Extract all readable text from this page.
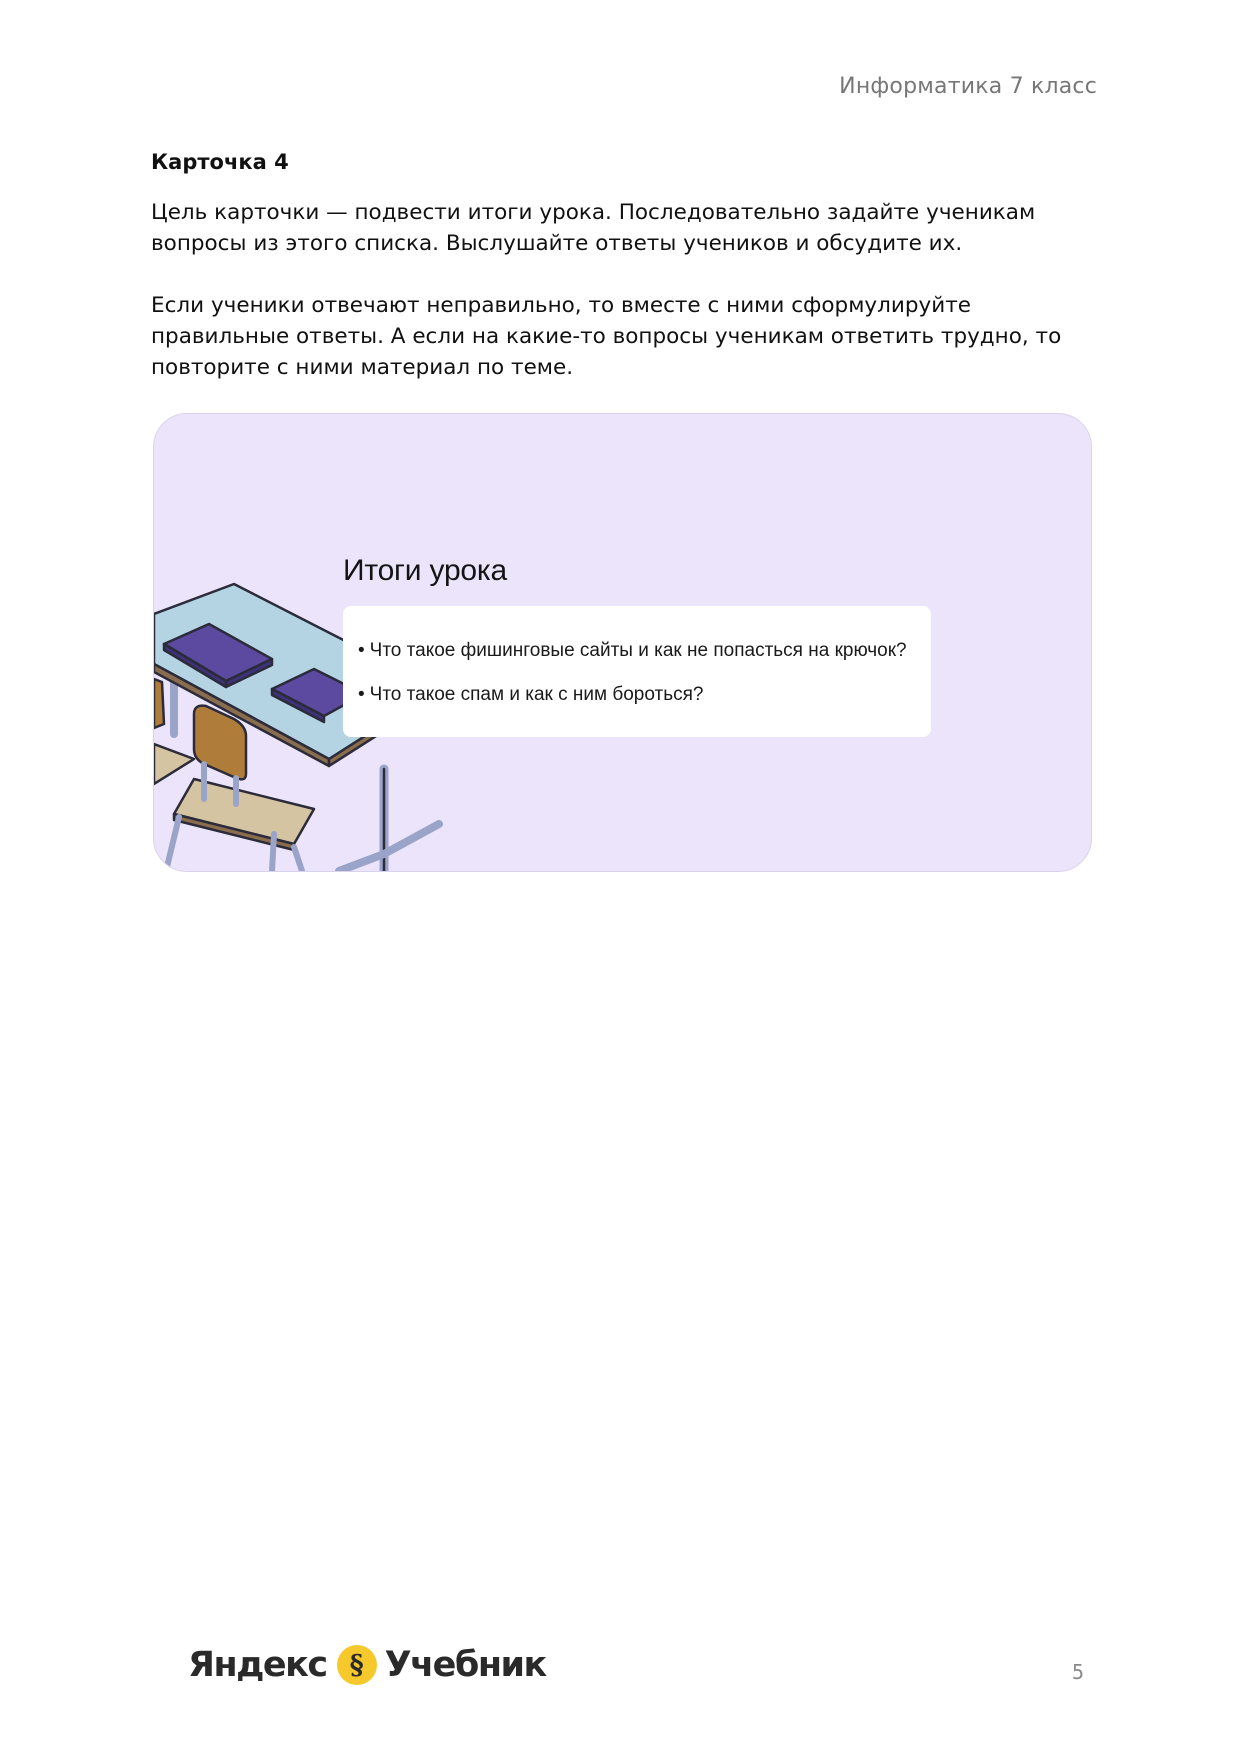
Информатика 7 класс
Карточка 4

Цель карточки — подвести итоги урока. Последовательно задайте ученикам вопросы из этого списка. Выслушайте ответы учеников и обсудите их.

Если ученики отвечают неправильно, то вместе с ними сформулируйте правильные ответы. А если на какие-то вопросы ученикам ответить трудно, то повторите с ними материал по теме.

Итоги урока
• Что такое фишинговые сайты и как не попасться на крючок?
• Что такое спам и как с ним бороться?
Яндекс § Учебник	5
